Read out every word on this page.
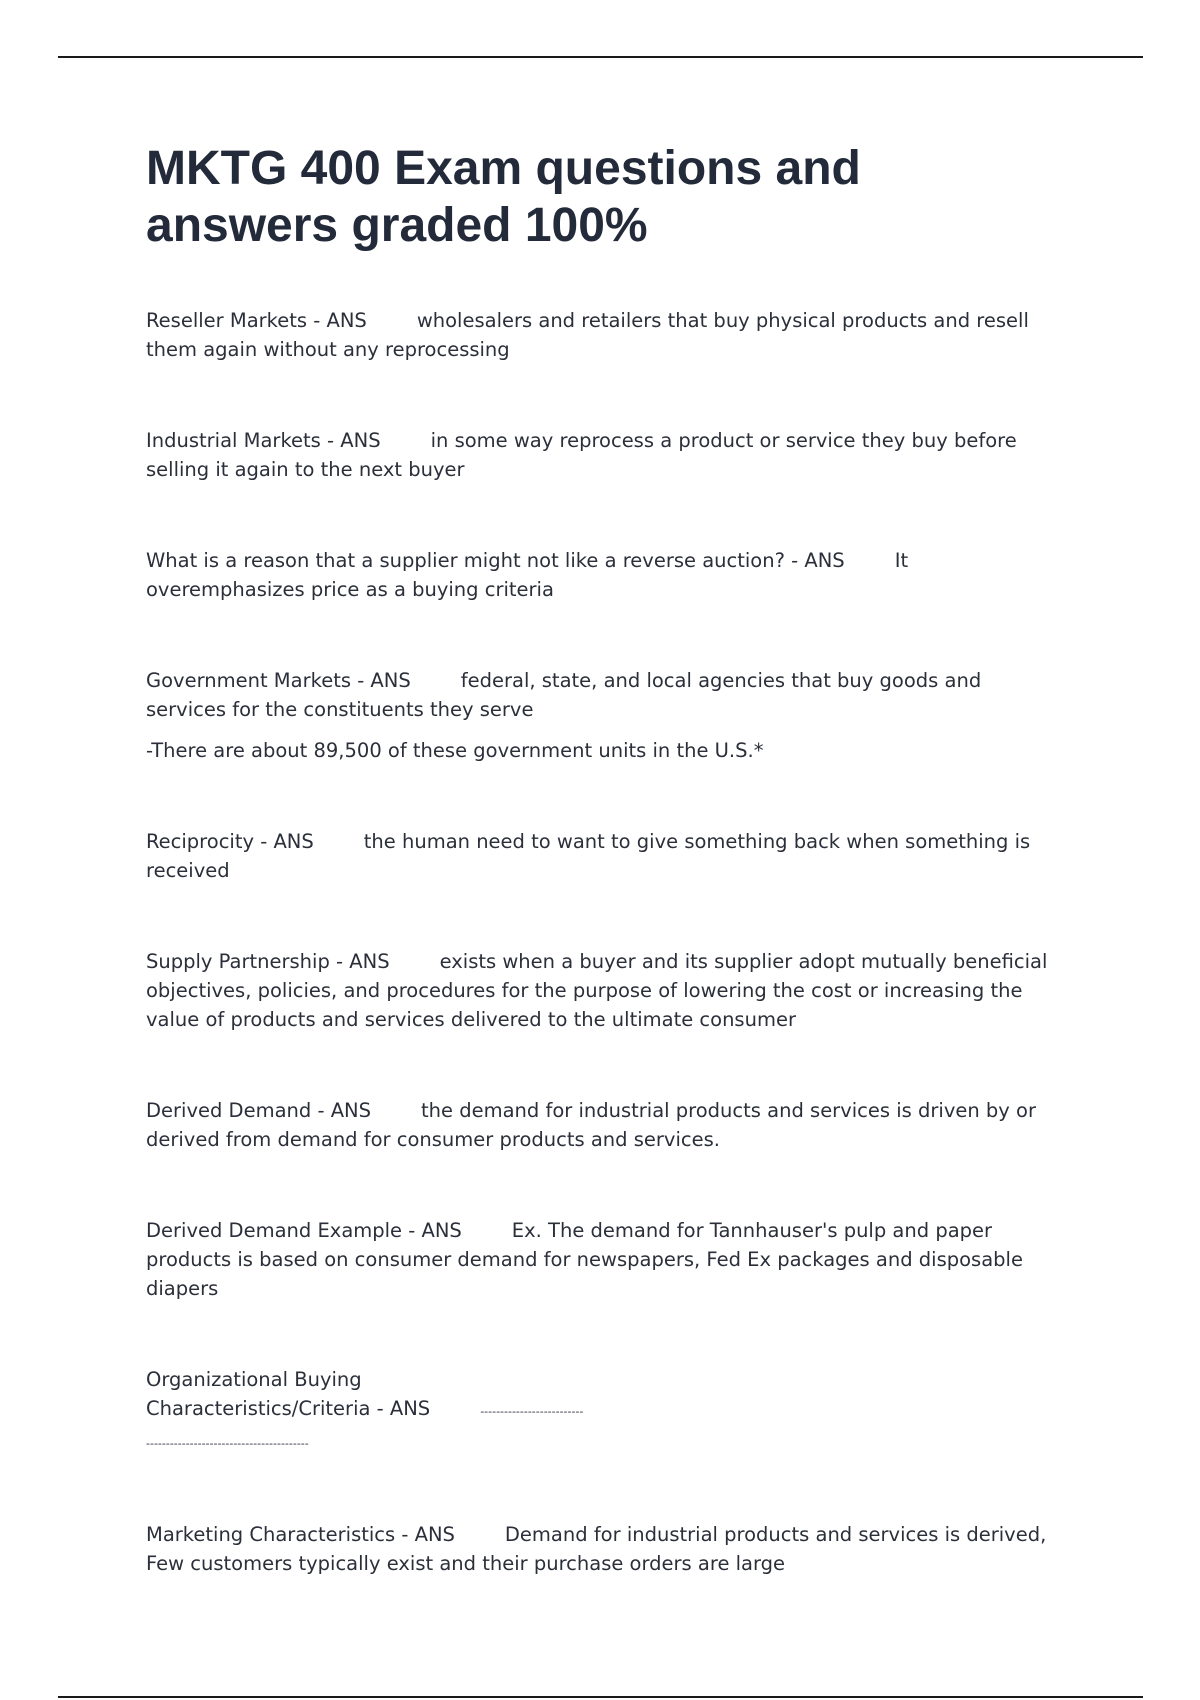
MKTG 400 Exam questions and answers graded 100%

Reseller Markets - ANS	wholesalers and retailers that buy physical products and resell them again without any reprocessing

Industrial Markets - ANS	in some way reprocess a product or service they buy before selling it again to the next buyer

What is a reason that a supplier might not like a reverse auction? - ANS	It overemphasizes price as a buying criteria

Government Markets - ANS	federal, state, and local agencies that buy goods and services for the constituents they serve

-There are about 89,500 of these government units in the U.S.*

Reciprocity - ANS	the human need to want to give something back when something is received

Supply Partnership - ANS	exists when a buyer and its supplier adopt mutually beneficial objectives, policies, and procedures for the purpose of lowering the cost or increasing the value of products and services delivered to the ultimate consumer

Derived Demand - ANS	the demand for industrial products and services is driven by or derived from demand for consumer products and services.

Derived Demand Example - ANS	Ex. The demand for Tannhauser's pulp and paper products is based on consumer demand for newspapers, Fed Ex packages and disposable diapers

Organizational Buying Characteristics/Criteria - ANS	-------------------------------------------------------------------

Marketing Characteristics - ANS	Demand for industrial products and services is derived, Few customers typically exist and their purchase orders are large
